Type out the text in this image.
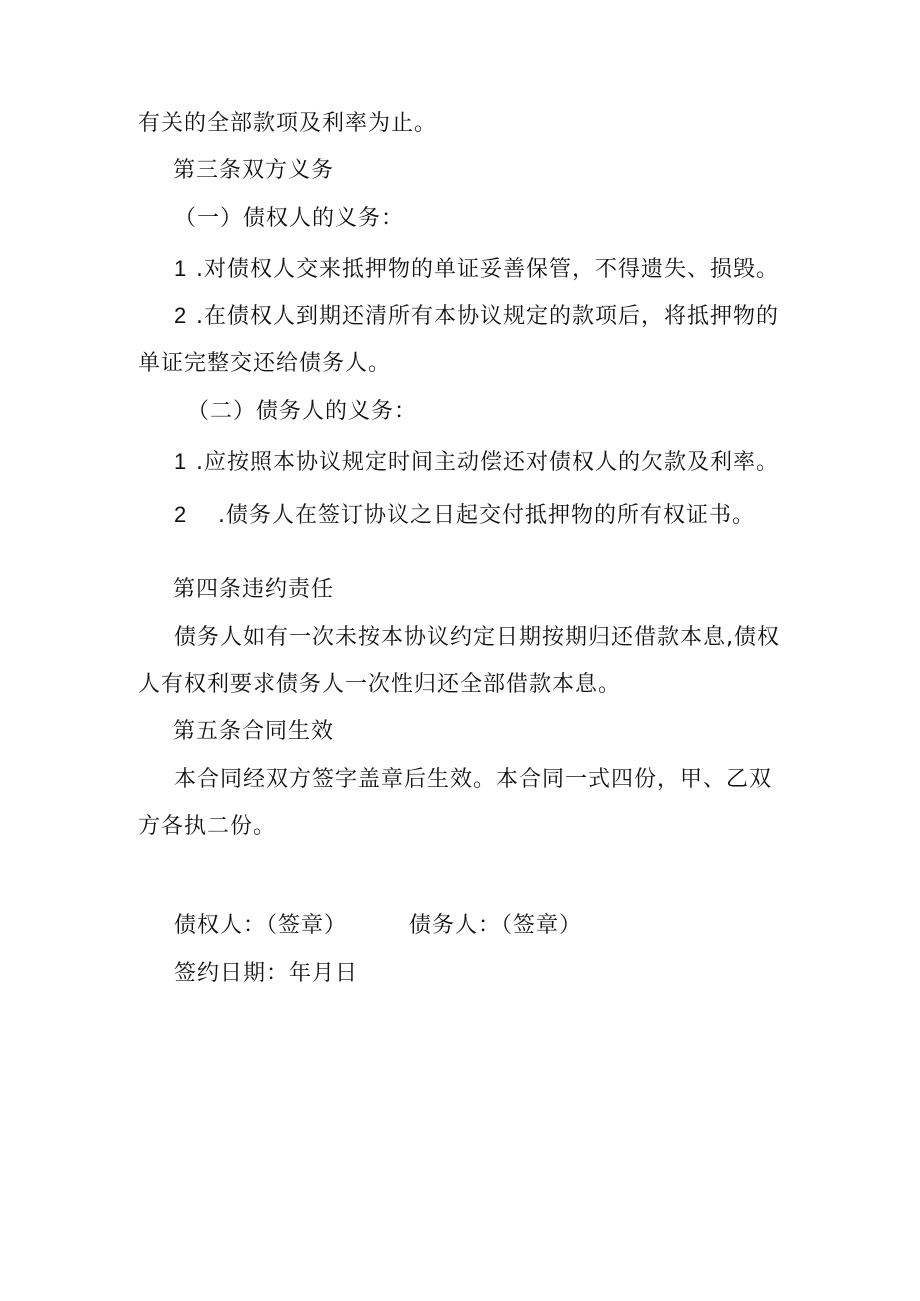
有关的全部款项及利率为止。
第三条双方义务
（一）债权人的义务：
1 .对债权人交来抵押物的单证妥善保管，不得遗失、损毁。
2 .在债权人到期还清所有本协议规定的款项后，将抵押物的
单证完整交还给债务人。
（二）债务人的义务：
1 .应按照本协议规定时间主动偿还对债权人的欠款及利率。
2 .债务人在签订协议之日起交付抵押物的所有权证书。
第四条违约责任
债务人如有一次未按本协议约定日期按期归还借款本息,债权
人有权利要求债务人一次性归还全部借款本息。
第五条合同生效
本合同经双方签字盖章后生效。本合同一式四份，甲、乙双
方各执二份。
债权人：（签章）	债务人：（签章）
签约日期：年月日
